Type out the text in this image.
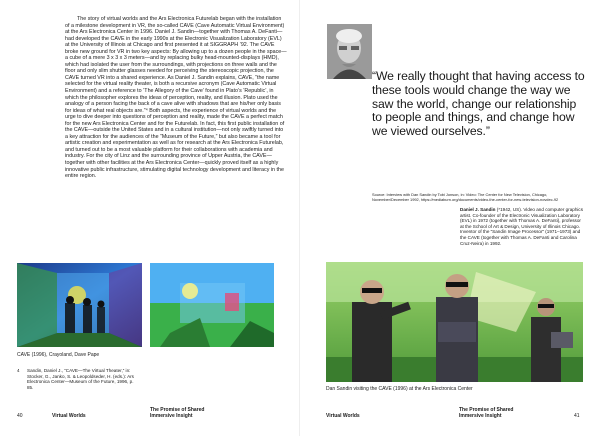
The story of virtual worlds and the Ars Electronica Futurelab began with the installation of a milestone development in VR, the so-called CAVE (Cave Automatic Virtual Environment) at the Ars Electronica Center in 1996. Daniel J. Sandin—together with Thomas A. DeFanti—had developed the CAVE in the early 1990s at the Electronic Visualization Laboratory (EVL) at the University of Illinois at Chicago and first presented it at SIGGRAPH ’92. The CAVE broke new ground for VR in two key aspects: By allowing up to a dozen people in the space—a cube of a mere 3 x 3 x 3 meters—and by replacing bulky head-mounted-displays (HMD), which had isolated the user from the surroundings, with projections on three walls and the floor and only slim shutter glasses needed for perceiving the stereoscopic projection, the CAVE turned VR into a shared experience. As Daniel J. Sandin explains, CAVE, “the name selected for the virtual reality theater, is both a recursive acronym (Cave Automatic Virtual Environment) and a reference to ‘The Allegory of the Cave’ found in Plato’s ‘Republic’, in which the philosopher explores the ideas of perception, reality, and illusion. Plato used the analogy of a person facing the back of a cave alive with shadows that are his/her only basis for ideas of what real objects are.”⁴ Both aspects, the experience of virtual worlds and the urge to dive deeper into questions of perception and reality, made the CAVE a perfect match for the new Ars Electronica Center and for the Futurelab. In fact, this first public installation of the CAVE—outside the United States and in a cultural institution—not only swiftly turned into a key attraction for the audiences of the “Museum of the Future,” but also became a tool for artistic creation and experimentation as well as for research at the Ars Electronica Futurelab, and turned out to be a most valuable platform for their collaborations with academia and industry. For the city of Linz and the surrounding province of Upper Austria, the CAVE—together with other facilities at the Ars Electronica Center—quickly proved itself as a highly innovative public infrastructure, stimulating digital technology development and literacy in the entire region.

CAVE (1996), Crayoland, Dave Pape

4 Sandin, Daniel J., “CAVE—The Virtual Theater,” in: Stocker, G., Janko, S. & Leopoldseder, H. (eds.): Ars Electronica Center—Museum of the Future, 1996, p. 85.
40	Virtual Worlds
The Promise of Shared
Immersive Insight

“We really thought that having access to these tools would change the way we saw the world, change our relationship to people and things, and change how we viewed ourselves.”

Source: Interview with Dan Sandin by Tobi Jonson, in: Video: The Center for New Television, Chicago, November/December 1992, https://mediaburn.org/documents/video-the-center-for-new-television-novdec-92

Daniel J. Sandin (*1942, US). Video and computer graphics artist. Co-founder of the Electronic Visualization Laboratory (EVL) in 1972 (together with Thomas A. DeFanti), professor at the School of Art & Design, University of Illinois Chicago. Inventor of the “Sandin Image Processor” (1971–1973) and the CAVE (together with Thomas A. DeFanti and Carolina Cruz-Neira) in 1992.

Dan Sandin visiting the CAVE (1996) at the Ars Electronica Center

Virtual Worlds
The Promise of Shared
Immersive Insight	41
